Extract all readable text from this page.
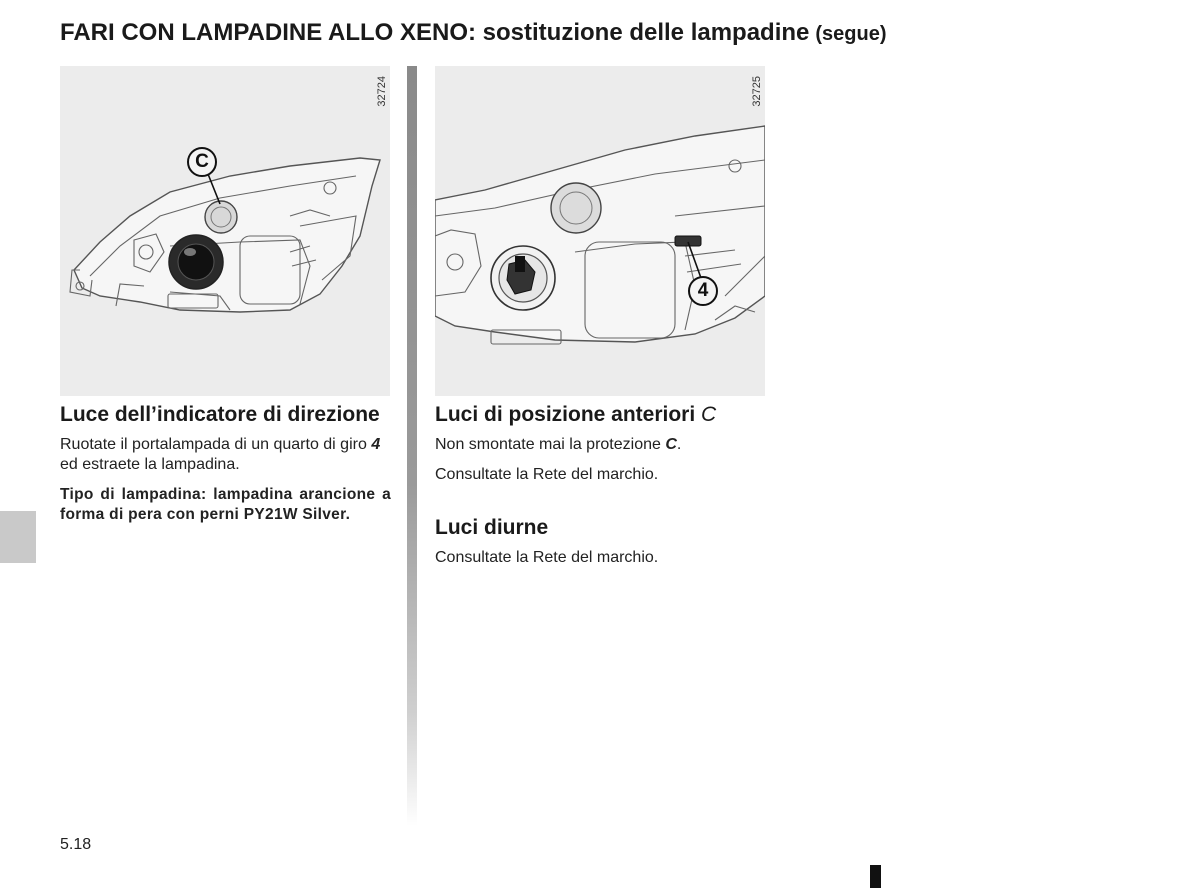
FARI CON LAMPADINE ALLO XENO: sostituzione delle lampadine (segue)
32724
C
32725
4
Luce dell’indicatore di direzione

Ruotate il portalampada di un quarto di giro 4 ed estraete la lampadina.

Tipo di lampadina: lampadina arancione a forma di pera con perni PY21W Silver.

Luci di posizione anteriori C

Non smontate mai la protezione C.

Consultate la Rete del marchio.

Luci diurne

Consultate la Rete del marchio.

5.18
